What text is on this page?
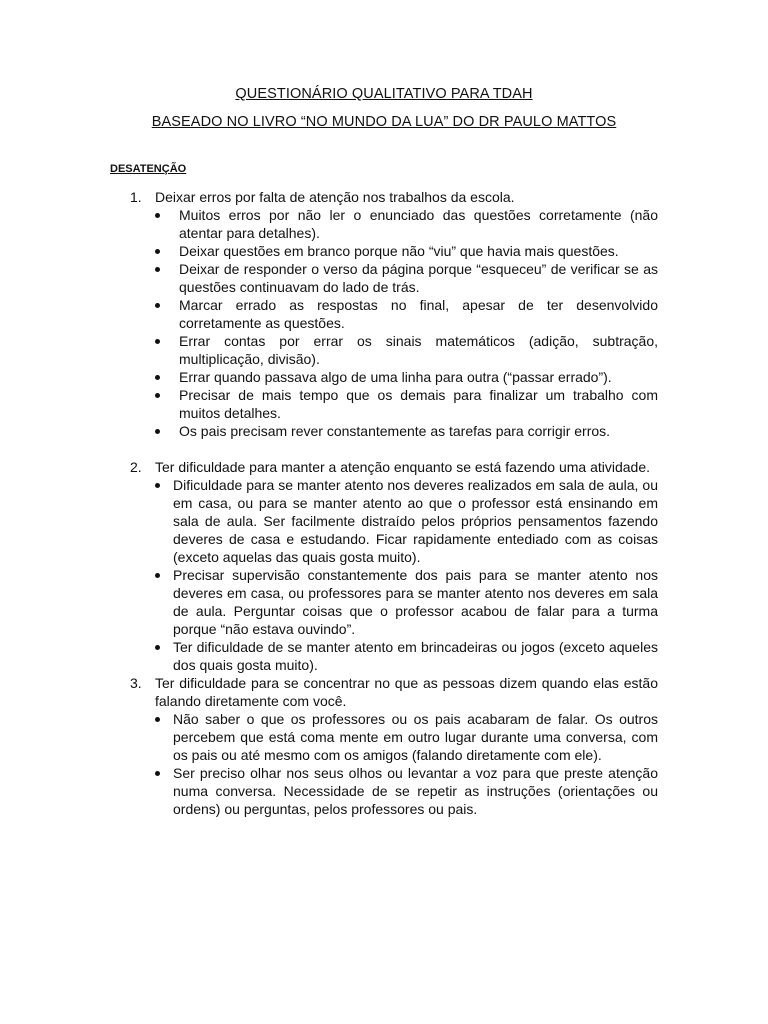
QUESTIONÁRIO QUALITATIVO PARA TDAH
BASEADO NO LIVRO “NO MUNDO DA LUA” DO DR PAULO MATTOS
DESATENÇÃO
1. Deixar erros por falta de atenção nos trabalhos da escola.
Muitos erros por não ler o enunciado das questões corretamente (não atentar para detalhes).
Deixar questões em branco porque não “viu” que havia mais questões.
Deixar de responder o verso da página porque “esqueceu” de verificar se as questões continuavam do lado de trás.
Marcar errado as respostas no final, apesar de ter desenvolvido corretamente as questões.
Errar contas por errar os sinais matemáticos (adição, subtração, multiplicação, divisão).
Errar quando passava algo de uma linha para outra (“passar errado”).
Precisar de mais tempo que os demais para finalizar um trabalho com muitos detalhes.
Os pais precisam rever constantemente as tarefas para corrigir erros.
2. Ter dificuldade para manter a atenção enquanto se está fazendo uma atividade.
Dificuldade para se manter atento nos deveres realizados em sala de aula, ou em casa, ou para se manter atento ao que o professor está ensinando em sala de aula. Ser facilmente distraído pelos próprios pensamentos fazendo deveres de casa e estudando. Ficar rapidamente entediado com as coisas (exceto aquelas das quais gosta muito).
Precisar supervisão constantemente dos pais para se manter atento nos deveres em casa, ou professores para se manter atento nos deveres em sala de aula. Perguntar coisas que o professor acabou de falar para a turma porque “não estava ouvindo”.
Ter dificuldade de se manter atento em brincadeiras ou jogos (exceto aqueles dos quais gosta muito).
3. Ter dificuldade para se concentrar no que as pessoas dizem quando elas estão falando diretamente com você.
Não saber o que os professores ou os pais acabaram de falar. Os outros percebem que está coma mente em outro lugar durante uma conversa, com os pais ou até mesmo com os amigos (falando diretamente com ele).
Ser preciso olhar nos seus olhos ou levantar a voz para que preste atenção numa conversa. Necessidade de se repetir as instruções (orientações ou ordens) ou perguntas, pelos professores ou pais.
